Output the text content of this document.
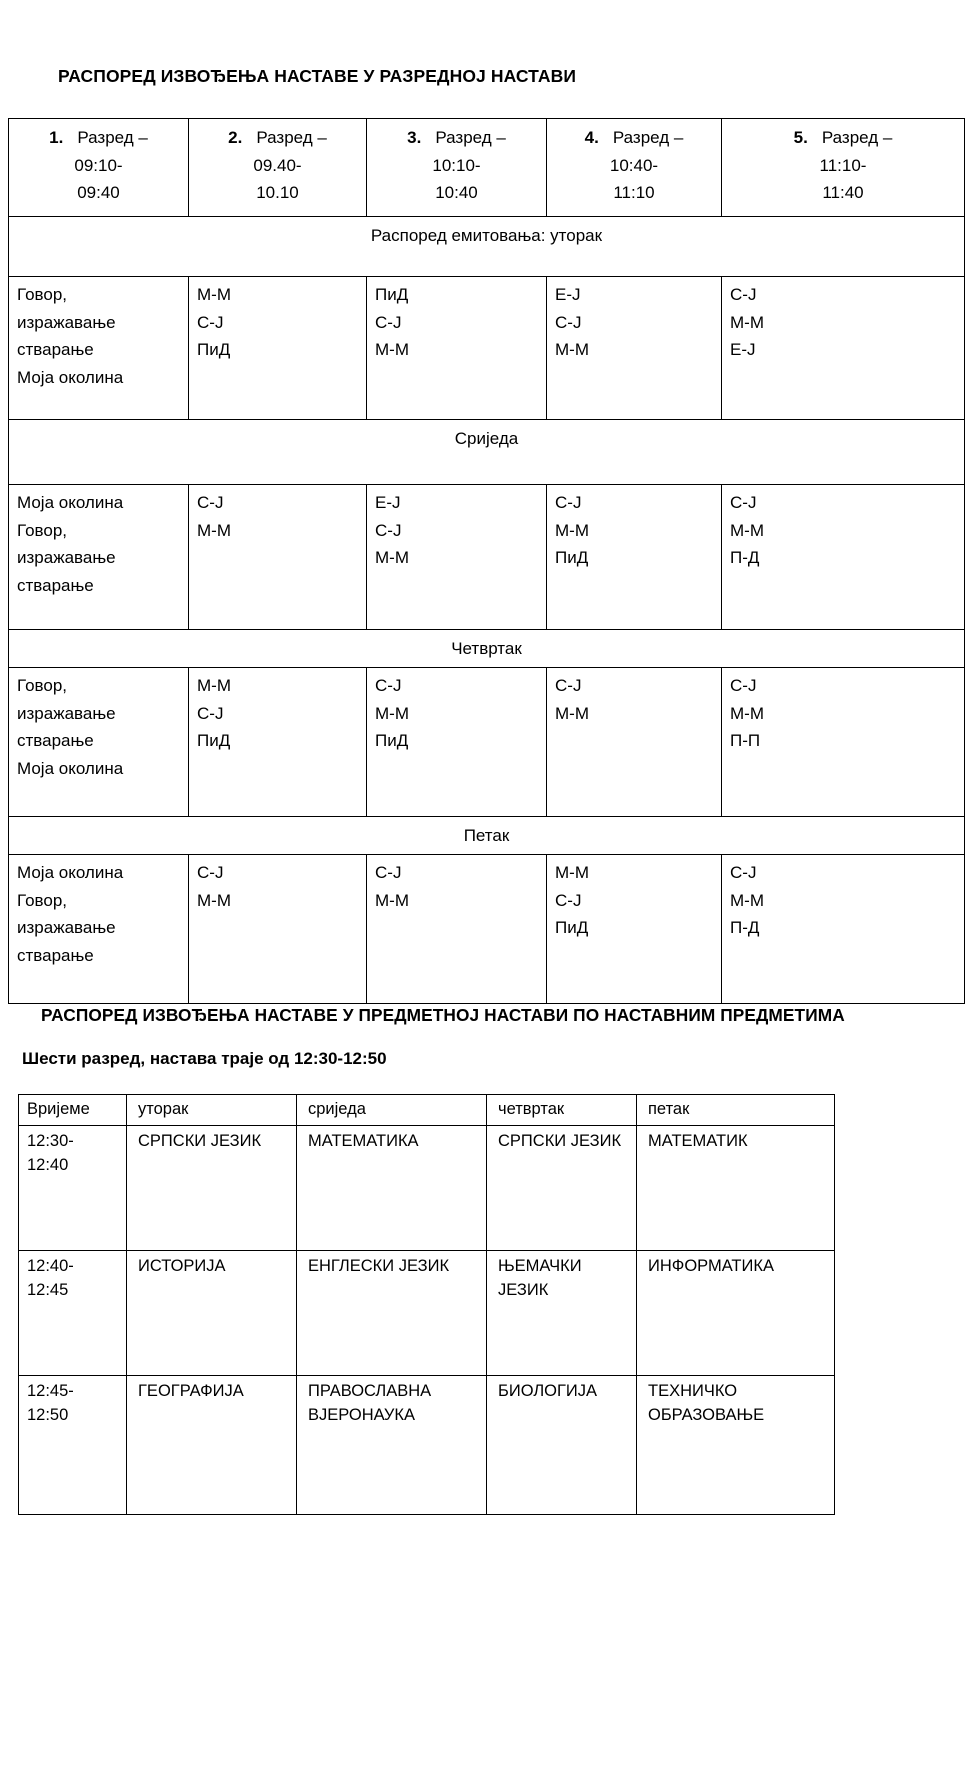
РАСПОРЕД ИЗВОЂЕЊА НАСТАВЕ У РАЗРЕДНОЈ НАСТАВИ
1. Разред –
09:10-
09:40	2. Разред –
09.40-
10.10	3. Разред –
10:10-
10:40	4. Разред –
10:40-
11:10	5. Разред –
11:10-
11:40

Распоред емитовања: уторак				

Говор,
изражавање
стварање
Моја околина	М-М
С-Ј
ПиД	ПиД
С-Ј
М-М	Е-Ј
С-Ј
М-М	С-Ј
М-М
Е-Ј

Сриједа				

Моја околина
Говор,
изражавање
стварање	С-Ј
М-М	Е-Ј
С-Ј
М-М	С-Ј
М-М
ПиД	С-Ј
М-М
П-Д

Четвртак				

Говор,
изражавање
стварање
Моја околина	М-М
С-Ј
ПиД	С-Ј
М-М
ПиД	С-Ј
М-М	С-Ј
М-М
П-П

Петак				

Моја околина
Говор,
изражавање
стварање	С-Ј
М-М	С-Ј
М-М	М-М
С-Ј
ПиД	С-Ј
М-М
П-Д
РАСПОРЕД ИЗВОЂЕЊА НАСТАВЕ У ПРЕДМЕТНОЈ НАСТАВИ ПО НАСТАВНИМ ПРЕДМЕТИМА
Шести разред, настава траје од 12:30-12:50
Вријеме	уторак	сриједа	четвртак	петак

12:30-
12:40	СРПСКИ ЈЕЗИК	МАТЕМАТИКА	СРПСКИ ЈЕЗИК	МАТЕМАТИК

12:40-
12:45	ИСТОРИЈА	ЕНГЛЕСКИ ЈЕЗИК	ЊЕМАЧКИ
ЈЕЗИК	ИНФОРМАТИКА

12:45-
12:50	ГЕОГРАФИЈА	ПРАВОСЛАВНА
ВЈЕРОНАУКА	БИОЛОГИЈА	ТЕХНИЧКО
ОБРАЗОВАЊЕ
